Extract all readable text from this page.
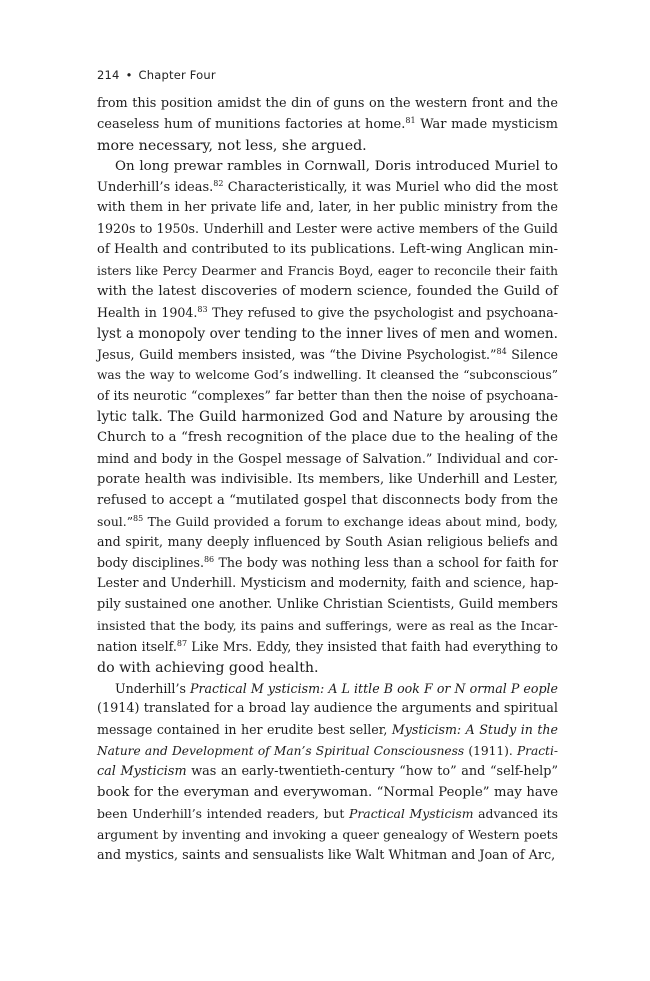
214 • Chapter Four
from this position amidst the din of guns on the western front and the
ceaseless hum of munitions factories at home.$^{81}$ War made mysticism
more necessary, not less, she argued.
On long prewar rambles in Cornwall, Doris introduced Muriel to
Underhill’s ideas.$^{82}$ Characteristically, it was Muriel who did the most
with them in her private life and, later, in her public ministry from the
1920s to 1950s. Underhill and Lester were active members of the Guild
of Health and contributed to its publications. Left-wing Anglican min-
isters like Percy Dearmer and Francis Boyd, eager to reconcile their faith
with the latest discoveries of modern science, founded the Guild of
Health in 1904.83 They refused to give the psychologist and psychoana-
lyst a monopoly over tending to the inner lives of men and women.
Jesus, Guild members insisted, was “the Divine Psychologist.”$^{84}$ Silence
was the way to welcome God’s indwelling. It cleansed the “subconscious”
of its neurotic “complexes” far better than then the noise of psychoana-
lytic talk. The Guild harmonized God and Nature by arousing the
Church to a “fresh recognition of the place due to the healing of the
mind and body in the Gospel message of Salvation.” Individual and cor-
porate health was indivisible. Its members, like Underhill and Lester,
refused to accept a “mutilated gospel that disconnects body from the
soul.”$^{85}$ The Guild provided a forum to exchange ideas about mind, body,
and spirit, many deeply influenced by South Asian religious beliefs and
body disciplines.$^{86}$ The body was nothing less than a school for faith for
Lester and Underhill. Mysticism and modernity, faith and science, hap-
pily sustained one another. Unlike Christian Scientists, Guild members
insisted that the body, its pains and sufferings, were as real as the Incar-
nation itself.$^{87}$ Like Mrs. Eddy, they insisted that faith had everything to
do with achieving good health.
Underhill’s Practical M ysticism: A L ittle B ook F or N ormal P eople
(1914) translated for a broad lay audience the arguments and spiritual
message contained in her erudite best seller, Mysticism: A Study in the
Nature and Development of Man’s Spiritual Consciousness (1911). Practi-
cal Mysticism was an early-twentieth-century “how to” and “self-help”
book for the everyman and everywoman. “Normal People” may have
been Underhill’s intended readers, but Practical Mysticism advanced its
argument by inventing and invoking a queer genealogy of Western poets
and mystics, saints and sensualists like Walt Whitman and Joan of Arc,
